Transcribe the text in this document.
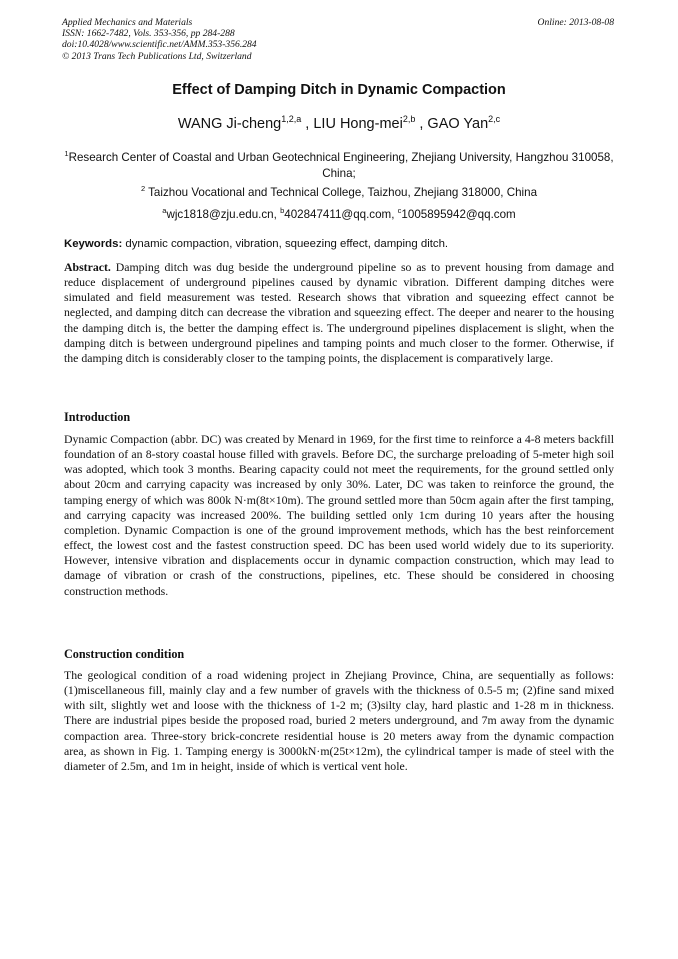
Applied Mechanics and Materials
ISSN: 1662-7482, Vols. 353-356, pp 284-288
doi:10.4028/www.scientific.net/AMM.353-356.284
© 2013 Trans Tech Publications Ltd, Switzerland
Online: 2013-08-08
Effect of Damping Ditch in Dynamic Compaction
WANG Ji-cheng$^{1,2,a}$ , LIU Hong-mei$^{2,b}$ , GAO Yan$^{2,c}$
$^1$Research Center of Coastal and Urban Geotechnical Engineering, Zhejiang University, Hangzhou 310058, China;
$^2$ Taizhou Vocational and Technical College, Taizhou, Zhejiang 318000, China
$^a$wjc1818@zju.edu.cn, $^b$402847411@qq.com, $^c$1005895942@qq.com
Keywords: dynamic compaction, vibration, squeezing effect, damping ditch.
Abstract. Damping ditch was dug beside the underground pipeline so as to prevent housing from damage and reduce displacement of underground pipelines caused by dynamic vibration. Different damping ditches were simulated and field measurement was tested. Research shows that vibration and squeezing effect cannot be neglected, and damping ditch can decrease the vibration and squeezing effect. The deeper and nearer to the housing the damping ditch is, the better the damping effect is. The underground pipelines displacement is slight, when the damping ditch is between underground pipelines and tamping points and much closer to the former. Otherwise, if the damping ditch is considerably closer to the tamping points, the displacement is comparatively large.
Introduction
Dynamic Compaction (abbr. DC) was created by Menard in 1969, for the first time to reinforce a 4-8 meters backfill foundation of an 8-story coastal house filled with gravels. Before DC, the surcharge preloading of 5-meter high soil was adopted, which took 3 months. Bearing capacity could not meet the requirements, for the ground settled only about 20cm and carrying capacity was increased by only 30%. Later, DC was taken to reinforce the ground, the tamping energy of which was 800k N·m(8t×10m). The ground settled more than 50cm again after the first tamping, and carrying capacity was increased 200%. The building settled only 1cm during 10 years after the housing completion. Dynamic Compaction is one of the ground improvement methods, which has the best reinforcement effect, the lowest cost and the fastest construction speed. DC has been used world widely due to its superiority. However, intensive vibration and displacements occur in dynamic compaction construction, which may lead to damage of vibration or crash of the constructions, pipelines, etc. These should be considered in choosing construction methods.
Construction condition
The geological condition of a road widening project in Zhejiang Province, China, are sequentially as follows: (1)miscellaneous fill, mainly clay and a few number of gravels with the thickness of 0.5-5 m; (2)fine sand mixed with silt, slightly wet and loose with the thickness of 1-2 m; (3)silty clay, hard plastic and 1-28 m in thickness. There are industrial pipes beside the proposed road, buried 2 meters underground, and 7m away from the dynamic compaction area. Three-story brick-concrete residential house is 20 meters away from the dynamic compaction area, as shown in Fig. 1. Tamping energy is 3000kN·m(25t×12m), the cylindrical tamper is made of steel with the diameter of 2.5m, and 1m in height, inside of which is vertical vent hole.
